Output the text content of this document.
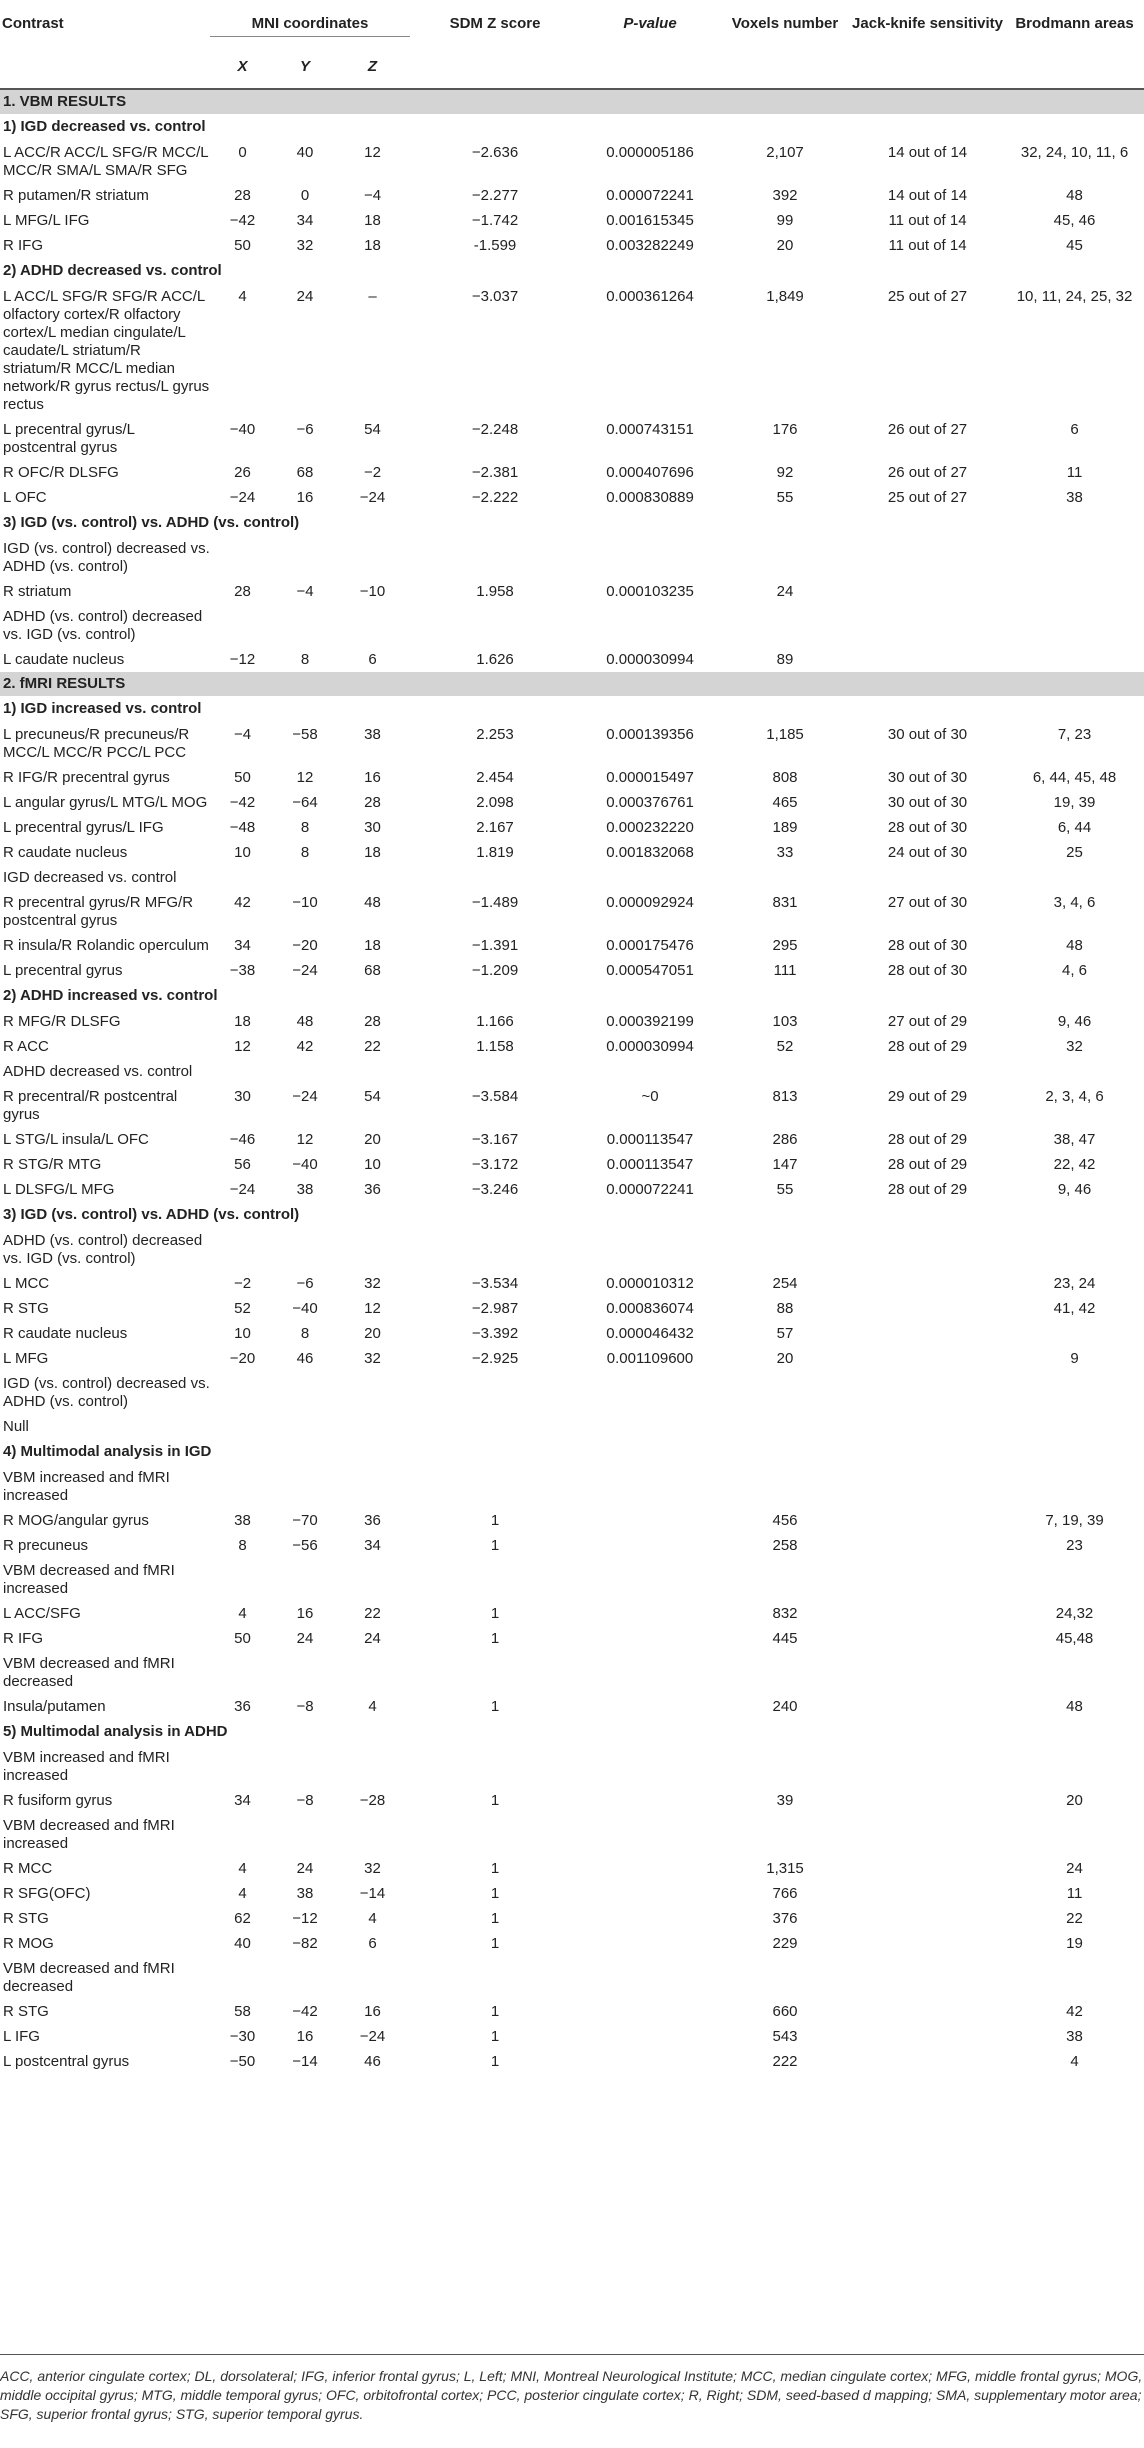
Contrast	MNI coordinates			SDM Z score	P-value	Voxels number	Jack-knife sensitivity	Brodmann areas
	X	Y	Z					
1. VBM RESULTS								
1) IGD decreased vs. control								
L ACC/R ACC/L SFG/R MCC/L MCC/R SMA/L SMA/R SFG	0	40	12	−2.636	0.000005186	2,107	14 out of 14	32, 24, 10, 11, 6
R putamen/R striatum	28	0	−4	−2.277	0.000072241	392	14 out of 14	48
L MFG/L IFG	−42	34	18	−1.742	0.001615345	99	11 out of 14	45, 46
R IFG	50	32	18	-1.599	0.003282249	20	11 out of 14	45
2) ADHD decreased vs. control								
L ACC/L SFG/R SFG/R ACC/L olfactory cortex/R olfactory cortex/L median cingulate/L caudate/L striatum/R striatum/R MCC/L median network/R gyrus rectus/L gyrus rectus	4	24	–	−3.037	0.000361264	1,849	25 out of 27	10, 11, 24, 25, 32
L precentral gyrus/L postcentral gyrus	−40	−6	54	−2.248	0.000743151	176	26 out of 27	6
R OFC/R DLSFG	26	68	−2	−2.381	0.000407696	92	26 out of 27	11
L OFC	−24	16	−24	−2.222	0.000830889	55	25 out of 27	38
3) IGD (vs. control) vs. ADHD (vs. control)								
IGD (vs. control) decreased vs. ADHD (vs. control)								
R striatum	28	−4	−10	1.958	0.000103235	24		
ADHD (vs. control) decreased vs. IGD (vs. control)								
L caudate nucleus	−12	8	6	1.626	0.000030994	89		
2. fMRI RESULTS								
1) IGD increased vs. control								
L precuneus/R precuneus/R MCC/L MCC/R PCC/L PCC	−4	−58	38	2.253	0.000139356	1,185	30 out of 30	7, 23
R IFG/R precentral gyrus	50	12	16	2.454	0.000015497	808	30 out of 30	6, 44, 45, 48
L angular gyrus/L MTG/L MOG	−42	−64	28	2.098	0.000376761	465	30 out of 30	19, 39
L precentral gyrus/L IFG	−48	8	30	2.167	0.000232220	189	28 out of 30	6, 44
R caudate nucleus	10	8	18	1.819	0.001832068	33	24 out of 30	25
IGD decreased vs. control								
R precentral gyrus/R MFG/R postcentral gyrus	42	−10	48	−1.489	0.000092924	831	27 out of 30	3, 4, 6
R insula/R Rolandic operculum	34	−20	18	−1.391	0.000175476	295	28 out of 30	48
L precentral gyrus	−38	−24	68	−1.209	0.000547051	111	28 out of 30	4, 6
2) ADHD increased vs. control								
R MFG/R DLSFG	18	48	28	1.166	0.000392199	103	27 out of 29	9, 46
R ACC	12	42	22	1.158	0.000030994	52	28 out of 29	32
ADHD decreased vs. control								
R precentral/R postcentral gyrus	30	−24	54	−3.584	~0	813	29 out of 29	2, 3, 4, 6
L STG/L insula/L OFC	−46	12	20	−3.167	0.000113547	286	28 out of 29	38, 47
R STG/R MTG	56	−40	10	−3.172	0.000113547	147	28 out of 29	22, 42
L DLSFG/L MFG	−24	38	36	−3.246	0.000072241	55	28 out of 29	9, 46
3) IGD (vs. control) vs. ADHD (vs. control)								
ADHD (vs. control) decreased vs. IGD (vs. control)								
L MCC	−2	−6	32	−3.534	0.000010312	254		23, 24
R STG	52	−40	12	−2.987	0.000836074	88		41, 42
R caudate nucleus	10	8	20	−3.392	0.000046432	57		
L MFG	−20	46	32	−2.925	0.001109600	20		9
IGD (vs. control) decreased vs. ADHD (vs. control)								
Null								
4) Multimodal analysis in IGD								
VBM increased and fMRI increased								
R MOG/angular gyrus	38	−70	36	1		456		7, 19, 39
R precuneus	8	−56	34	1		258		23
VBM decreased and fMRI increased								
L ACC/SFG	4	16	22	1		832		24,32
R IFG	50	24	24	1		445		45,48
VBM decreased and fMRI decreased								
Insula/putamen	36	−8	4	1		240		48
5) Multimodal analysis in ADHD								
VBM increased and fMRI increased								
R fusiform gyrus	34	−8	−28	1		39		20
VBM decreased and fMRI increased								
R MCC	4	24	32	1		1,315		24
R SFG(OFC)	4	38	−14	1		766		11
R STG	62	−12	4	1		376		22
R MOG	40	−82	6	1		229		19
VBM decreased and fMRI decreased								
R STG	58	−42	16	1		660		42
L IFG	−30	16	−24	1		543		38
L postcentral gyrus	−50	−14	46	1		222		4
ACC, anterior cingulate cortex; DL, dorsolateral; IFG, inferior frontal gyrus; L, Left; MNI, Montreal Neurological Institute; MCC, median cingulate cortex; MFG, middle frontal gyrus; MOG, middle occipital gyrus; MTG, middle temporal gyrus; OFC, orbitofrontal cortex; PCC, posterior cingulate cortex; R, Right; SDM, seed-based d mapping; SMA, supplementary motor area; SFG, superior frontal gyrus; STG, superior temporal gyrus.
